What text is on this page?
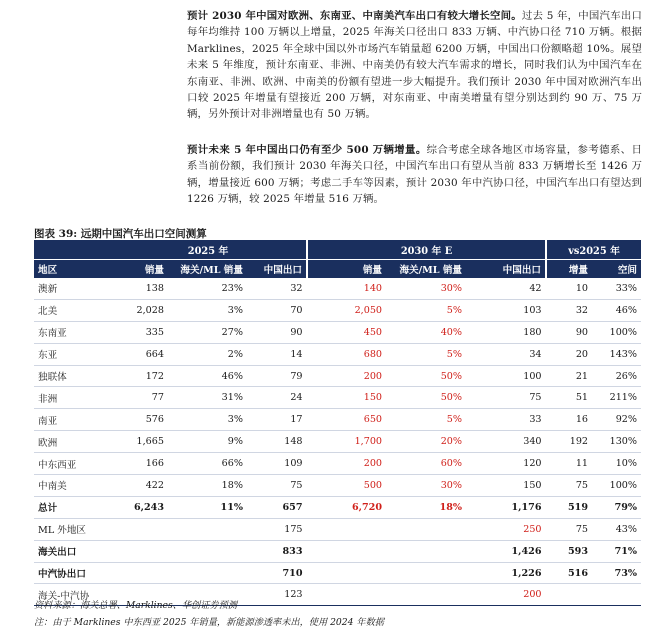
预计 2030 年中国对欧洲、东南亚、中南美汽车出口有较大增长空间。过去 5 年，中国汽车出口每年均维持 100 万辆以上增量，2025 年海关口径出口 833 万辆、中汽协口径 710 万辆。根据 Marklines，2025 年全球中国以外市场汽车销量超 6200 万辆，中国出口份额略超 10%。展望未来 5 年维度，预计东南亚、非洲、中南美仍有较大汽车需求的增长，同时我们认为中国汽车在东南亚、非洲、欧洲、中南美的份额有望进一步大幅提升。我们预计 2030 年中国对欧洲汽车出口较 2025 年增量有望接近 200 万辆，对东南亚、中南美增量有望分别达到约 90 万、75 万辆，另外预计对非洲增量也有 50 万辆。

预计未来 5 年中国出口仍有至少 500 万辆增量。综合考虑全球各地区市场容量，参考德系、日系当前份额，我们预计 2030 年海关口径，中国汽车出口有望从当前 833 万辆增长至 1426 万辆，增量接近 600 万辆；考虑二手车等因素，预计 2030 年中汽协口径，中国汽车出口有望达到 1226 万辆，较 2025 年增量 516 万辆。

图表 39: 远期中国汽车出口空间测算
	2025 年			2030 年 E			vs2025 年	
地区	销量	海关/ML 销量	中国出口	销量	海关/ML 销量	中国出口	增量	空间
澳新	138	23%	32	140	30%	42	10	33%
北美	2,028	3%	70	2,050	5%	103	32	46%
东南亚	335	27%	90	450	40%	180	90	100%
东亚	664	2%	14	680	5%	34	20	143%
独联体	172	46%	79	200	50%	100	21	26%
非洲	77	31%	24	150	50%	75	51	211%
南亚	576	3%	17	650	5%	33	16	92%
欧洲	1,665	9%	148	1,700	20%	340	192	130%
中东西亚	166	66%	109	200	60%	120	11	10%
中南美	422	18%	75	500	30%	150	75	100%
总计	6,243	11%	657	6,720	18%	1,176	519	79%
ML 外地区			175			250	75	43%
海关出口			833			1,426	593	71%
中汽协出口			710			1,226	516	73%
海关-中汽协			123			200		
资料来源：海关总署、Marklines、华创证券预测
注：由于 Marklines 中东西亚 2025 年销量，新能源渗透率未出，使用 2024 年数据
